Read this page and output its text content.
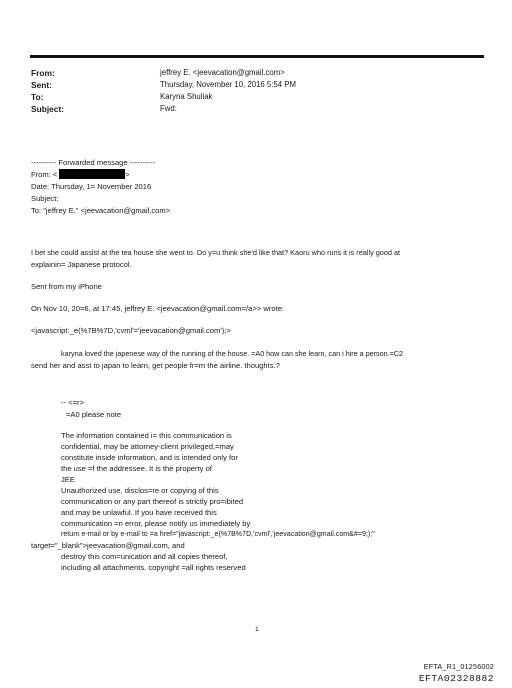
From:
Sent:
To:
Subject:
jeffrey E. <jeevacation@gmail.com>
Thursday, November 10, 2016 5:54 PM
Karyna Shuliak
Fwd:
---------- Forwarded message ----------
From: <	>
Date: Thursday, 1= November 2016
Subject:
To: "jeffrey E." <jeevacation@gmail.com>
I bet she could assist at the tea house she went to. Do y=u think she'd like that? Kaoru who runs it is really good at
explainin= Japanese protocol.
Sent from my iPhone
On Nov 10, 20=6, at 17:45, jeffrey E. <jeevacation@gmail.com=/a>> wrote:
<javascript:_e(%7B%7D,'cvml'='jeevacation@gmail.com');>
karyna loved the japenese way of the running of the house. =A0 how can she learn, can i hire a person.=C2
send her and asst to japan to learn, get people fr=m the airline. thoughts.?
-- <=r>
=A0 please note
The information contained i= this communication is
confidential, may be attorney-client privileged,=may
constitute inside information, and is intended only for
the use =f the addressee. It is the property of
JEE
Unauthorized use, disclos=re or copying of this
communication or any part thereof is strictly pro=ibited
and may be unlawful. If you have received this
communication =n error, please notify us immediately by
return e-mail or by e-mail to =a href="javascript:_e(%7B%7D,'cvml','jeevacation@gmail.com&#=9;);"
target="_blank">jeevacation@gmail.com, and
destroy this com=unication and all copies thereof,
including all attachments. copyright =all rights reserved
1
EFTA_R1_01256002
EFTA02328882
